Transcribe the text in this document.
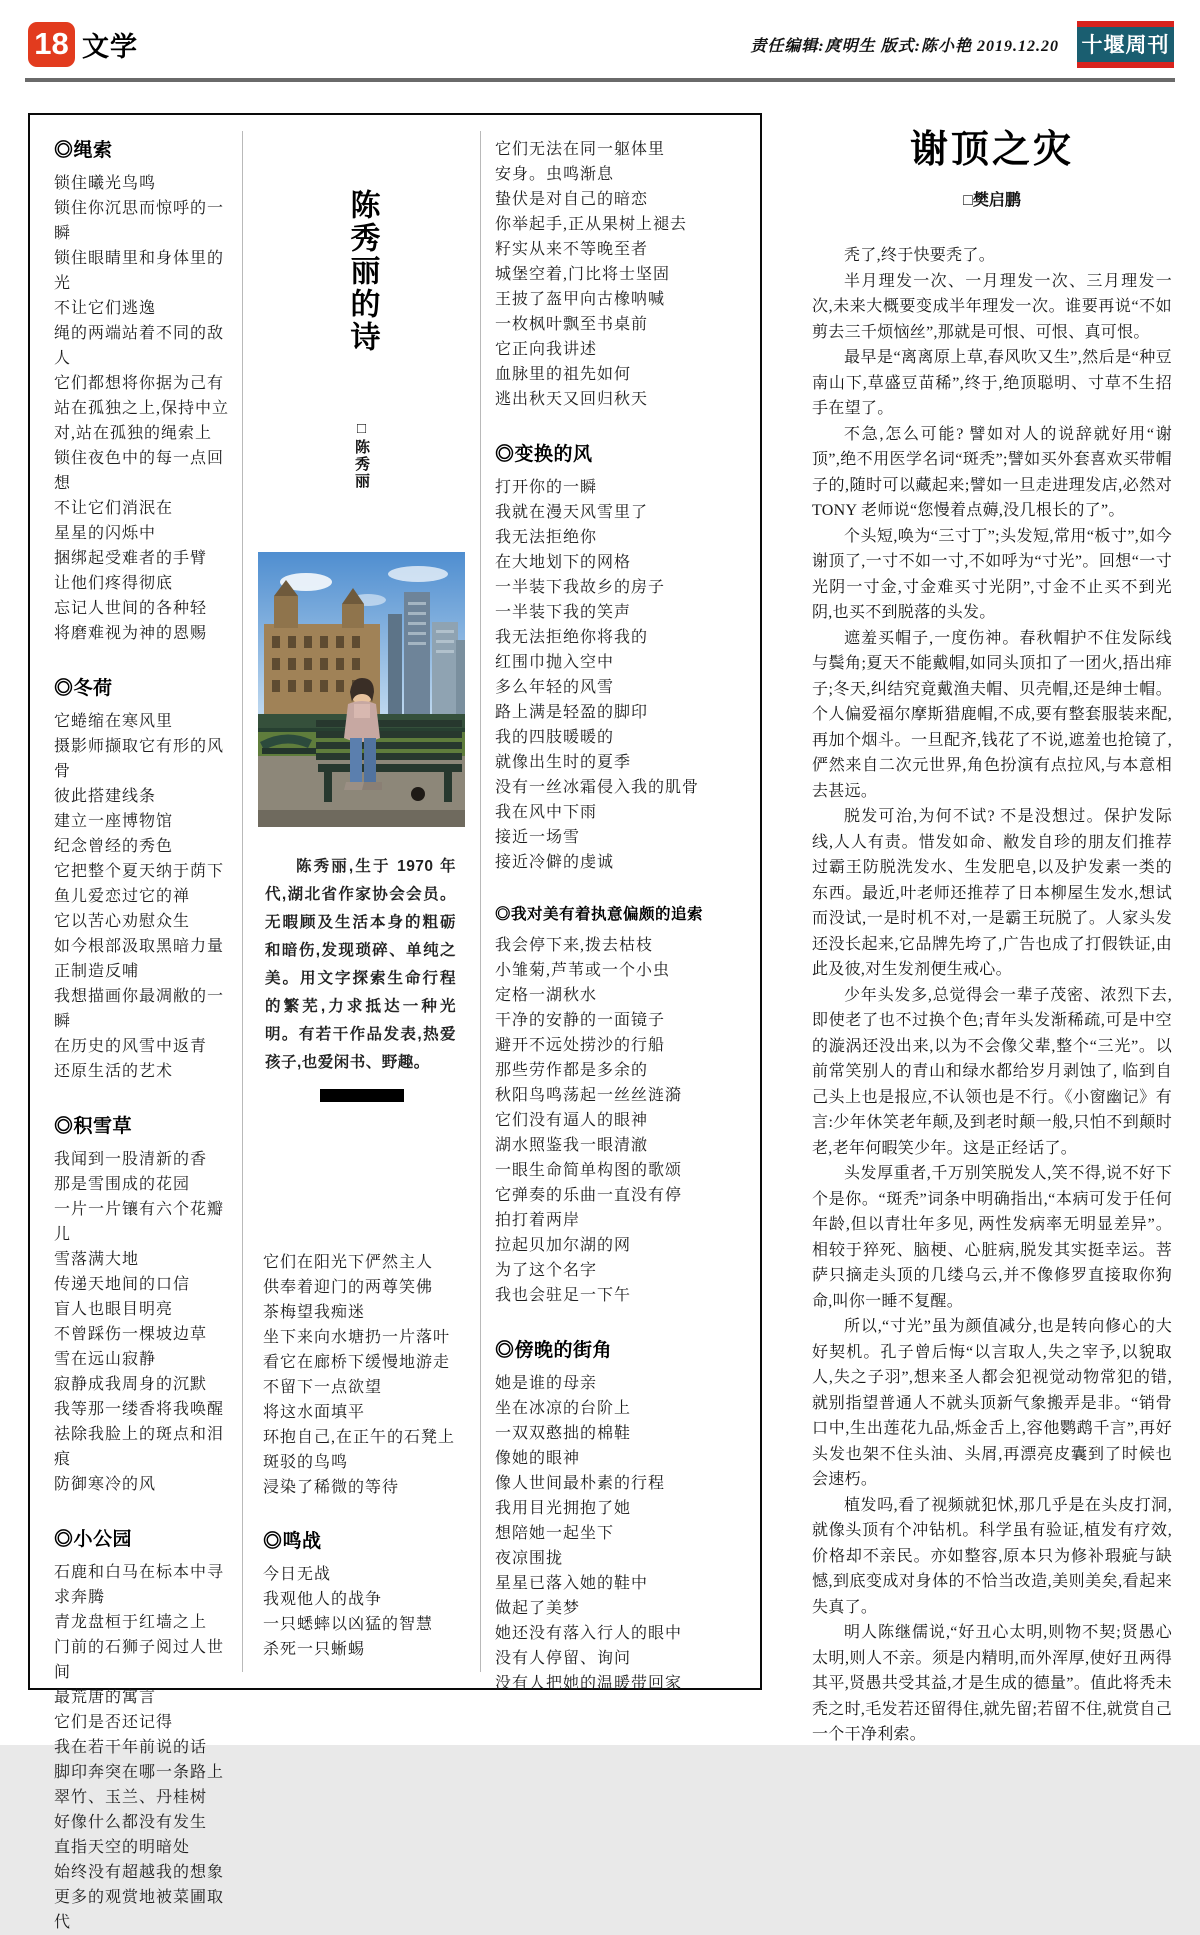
18 文学	责任编辑:庹明生 版式:陈小艳 2019.12.20 十堰周刊
◎绳索
锁住曦光鸟鸣
锁住你沉思而惊呼的一瞬
锁住眼睛里和身体里的光
不让它们逃逸
绳的两端站着不同的敌人
它们都想将你据为己有
站在孤独之上,保持中立
对,站在孤独的绳索上
锁住夜色中的每一点回想
不让它们消泯在
星星的闪烁中
捆绑起受难者的手臂
让他们疼得彻底
忘记人世间的各种轻
将磨难视为神的恩赐
◎冬荷
它蜷缩在寒风里
摄影师撷取它有形的风骨
彼此搭建线条
建立一座博物馆
纪念曾经的秀色
它把整个夏天纳于荫下
鱼儿爱恋过它的禅
它以苦心劝慰众生
如今根部汲取黑暗力量
正制造反哺
我想描画你最凋敝的一瞬
在历史的风雪中返青
还原生活的艺术
◎积雪草
我闻到一股清新的香
那是雪围成的花园
一片一片镶有六个花瓣儿
雪落满大地
传递天地间的口信
盲人也眼目明亮
不曾踩伤一棵坡边草
雪在远山寂静
寂静成我周身的沉默
我等那一缕香将我唤醒
祛除我脸上的斑点和泪痕
防御寒冷的风
◎小公园
石鹿和白马在标本中寻求奔腾
青龙盘桓于红墙之上
门前的石狮子阅过人世间
最荒唐的寓言
它们是否还记得
我在若干年前说的话
脚印奔突在哪一条路上
翠竹、玉兰、丹桂树
好像什么都没有发生
直指天空的明暗处
始终没有超越我的想象
更多的观赏地被菜圃取代
陈秀丽的诗
□陈秀丽
陈秀丽,生于 1970 年代,湖北省作家协会会员。无暇顾及生活本身的粗砺和暗伤,发现琐碎、单纯之美。用文字探索生命行程的繁芜,力求抵达一种光明。有若干作品发表,热爱孩子,也爱闲书、野趣。
它们在阳光下俨然主人
供奉着迎门的两尊笑佛
茶梅望我痴迷
坐下来向水塘扔一片落叶
看它在廊桥下缓慢地游走
不留下一点欲望
将这水面填平
环抱自己,在正午的石凳上
斑驳的鸟鸣
浸染了稀微的等待
◎鸣战
今日无战
我观他人的战争
一只蟋蟀以凶猛的智慧
杀死一只蜥蜴
它们无法在同一躯体里
安身。虫鸣渐息
蛰伏是对自己的暗恋
你举起手,正从果树上褪去
籽实从来不等晚至者
城堡空着,门比将士坚固
王披了盔甲向古橡呐喊
一枚枫叶飘至书桌前
它正向我讲述
血脉里的祖先如何
逃出秋天又回归秋天
◎变换的风
打开你的一瞬
我就在漫天风雪里了
我无法拒绝你
在大地划下的网格
一半装下我故乡的房子
一半装下我的笑声
我无法拒绝你将我的
红围巾抛入空中
多么年轻的风雪
路上满是轻盈的脚印
我的四肢暖暖的
就像出生时的夏季
没有一丝冰霜侵入我的肌骨
我在风中下雨
接近一场雪
接近冷僻的虔诚
◎我对美有着执意偏颇的追索
我会停下来,拨去枯枝
小雏菊,芦苇或一个小虫
定格一湖秋水
干净的安静的一面镜子
避开不远处捞沙的行船
那些劳作都是多余的
秋阳鸟鸣荡起一丝丝涟漪
它们没有逼人的眼神
湖水照鉴我一眼清澈
一眼生命简单构图的歌颂
它弹奏的乐曲一直没有停
拍打着两岸
拉起贝加尔湖的网
为了这个名字
我也会驻足一下午
◎傍晚的街角
她是谁的母亲
坐在冰凉的台阶上
一双双憨拙的棉鞋
像她的眼神
像人世间最朴素的行程
我用目光拥抱了她
想陪她一起坐下
夜凉围拢
星星已落入她的鞋中
做起了美梦
她还没有落入行人的眼中
没有人停留、询问
没有人把她的温暖带回家
谢顶之灾
□樊启鹏

秃了,终于快要秃了。

半月理发一次、一月理发一次、三月理发一次,未来大概要变成半年理发一次。谁要再说“不如剪去三千烦恼丝”,那就是可恨、可恨、真可恨。

最早是“离离原上草,春风吹又生”,然后是“种豆南山下,草盛豆苗稀”,终于,绝顶聪明、寸草不生招手在望了。

不急,怎么可能? 譬如对人的说辞就好用“谢顶”,绝不用医学名词“斑秃”;譬如买外套喜欢买带帽子的,随时可以藏起来;譬如一旦走进理发店,必然对 TONY 老师说“您慢着点薅,没几根长的了”。

个头短,唤为“三寸丁”;头发短,常用“板寸”,如今谢顶了,一寸不如一寸,不如呼为“寸光”。回想“一寸光阴一寸金,寸金难买寸光阴”,寸金不止买不到光阴,也买不到脱落的头发。

遮羞买帽子,一度伤神。春秋帽护不住发际线与鬓角;夏天不能戴帽,如同头顶扣了一团火,捂出痱子;冬天,纠结究竟戴渔夫帽、贝壳帽,还是绅士帽。个人偏爱福尔摩斯猎鹿帽,不成,要有整套服装来配,再加个烟斗。一旦配齐,钱花了不说,遮羞也抢镜了,俨然来自二次元世界,角色扮演有点拉风,与本意相去甚远。

脱发可治,为何不试? 不是没想过。保护发际线,人人有责。惜发如命、敝发自珍的朋友们推荐过霸王防脱洗发水、生发肥皂,以及护发素一类的东西。最近,叶老师还推荐了日本柳屋生发水,想试而没试,一是时机不对,一是霸王玩脱了。人家头发还没长起来,它品牌先垮了,广告也成了打假铁证,由此及彼,对生发剂便生戒心。

少年头发多,总觉得会一辈子茂密、浓烈下去,即使老了也不过换个色;青年头发渐稀疏,可是中空的漩涡还没出来,以为不会像父辈,整个“三光”。以前常笑别人的青山和绿水都给岁月剥蚀了, 临到自己头上也是报应,不认领也是不行。《小窗幽记》有言:少年休笑老年颠,及到老时颠一般,只怕不到颠时老,老年何暇笑少年。这是正经话了。

头发厚重者,千万别笑脱发人,笑不得,说不好下个是你。“斑秃”词条中明确指出,“本病可发于任何年龄,但以青壮年多见, 两性发病率无明显差异”。相较于猝死、脑梗、心脏病,脱发其实挺幸运。菩萨只摘走头顶的几缕乌云,并不像修罗直接取你狗命,叫你一睡不复醒。

所以,“寸光”虽为颜值减分,也是转向修心的大好契机。孔子曾后悔“以言取人,失之宰予,以貌取人,失之子羽”,想来圣人都会犯视觉动物常犯的错,就别指望普通人不就头顶新气象搬弄是非。“销骨口中,生出莲花九品,烁金舌上,容他鹦鹉千言”,再好头发也架不住头油、头屑,再漂亮皮囊到了时候也会速朽。

植发吗,看了视频就犯怵,那几乎是在头皮打洞,就像头顶有个冲钻机。科学虽有验证,植发有疗效,价格却不亲民。亦如整容,原本只为修补瑕疵与缺憾,到底变成对身体的不恰当改造,美则美矣,看起来失真了。

明人陈继儒说,“好丑心太明,则物不契;贤愚心太明,则人不亲。须是内精明,而外浑厚,使好丑两得其平,贤愚共受其益,才是生成的德量”。值此将秃未秃之时,毛发若还留得住,就先留;若留不住,就赏自己一个干净利索。
